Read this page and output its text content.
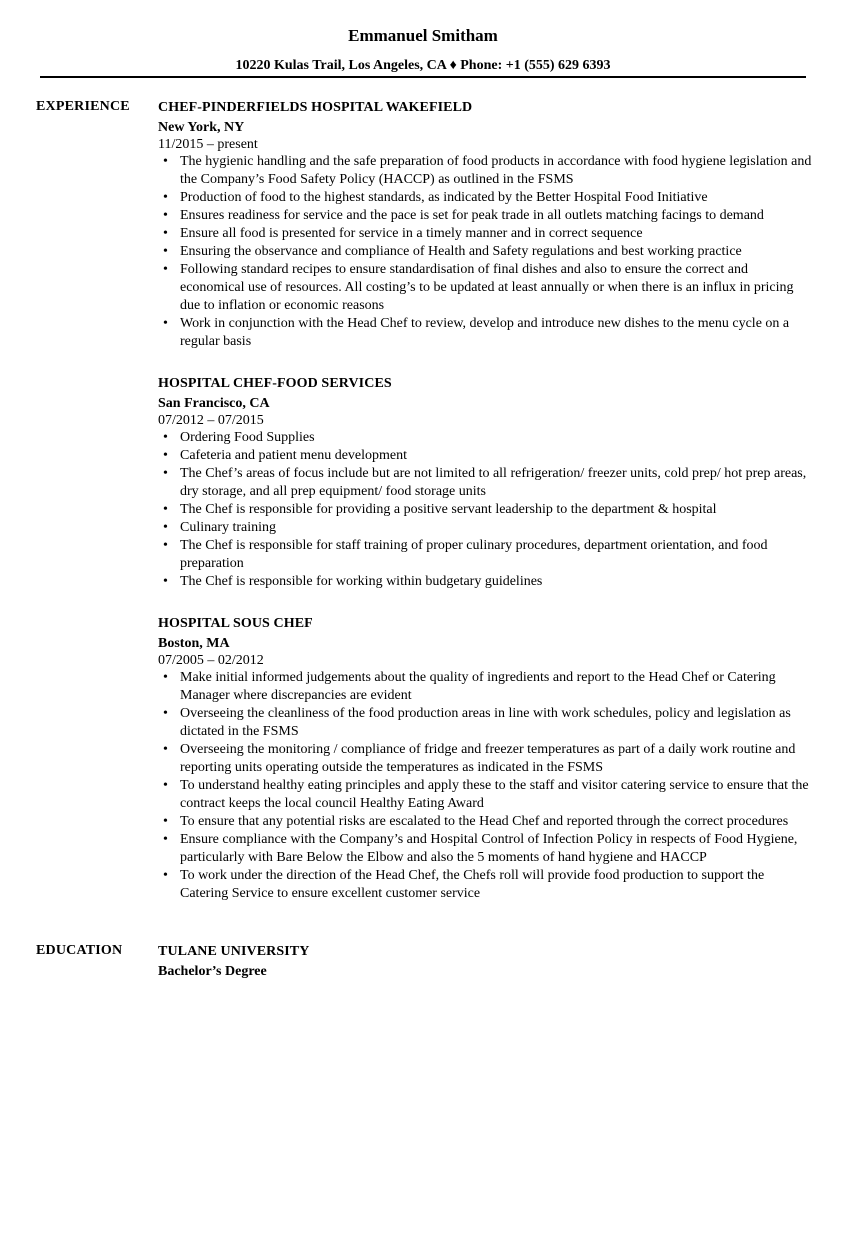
Emmanuel Smitham
10220 Kulas Trail, Los Angeles, CA ♦ Phone: +1 (555) 629 6393
EXPERIENCE CHEF-PINDERFIELDS HOSPITAL WAKEFIELD
New York, NY
11/2015 – present
• The hygienic handling and the safe preparation of food products in accordance with food hygiene legislation and the Company’s Food Safety Policy (HACCP) as outlined in the FSMS
• Production of food to the highest standards, as indicated by the Better Hospital Food Initiative
• Ensures readiness for service and the pace is set for peak trade in all outlets matching facings to demand
• Ensure all food is presented for service in a timely manner and in correct sequence
• Ensuring the observance and compliance of Health and Safety regulations and best working practice
• Following standard recipes to ensure standardisation of final dishes and also to ensure the correct and economical use of resources. All costing’s to be updated at least annually or when there is an influx in pricing due to inflation or economic reasons
• Work in conjunction with the Head Chef to review, develop and introduce new dishes to the menu cycle on a regular basis
HOSPITAL CHEF-FOOD SERVICES
San Francisco, CA
07/2012 – 07/2015
• Ordering Food Supplies
• Cafeteria and patient menu development
• The Chef’s areas of focus include but are not limited to all refrigeration/ freezer units, cold prep/ hot prep areas, dry storage, and all prep equipment/ food storage units
• The Chef is responsible for providing a positive servant leadership to the department & hospital
• Culinary training
• The Chef is responsible for staff training of proper culinary procedures, department orientation, and food preparation
• The Chef is responsible for working within budgetary guidelines
HOSPITAL SOUS CHEF
Boston, MA
07/2005 – 02/2012
• Make initial informed judgements about the quality of ingredients and report to the Head Chef or Catering Manager where discrepancies are evident
• Overseeing the cleanliness of the food production areas in line with work schedules, policy and legislation as dictated in the FSMS
• Overseeing the monitoring / compliance of fridge and freezer temperatures as part of a daily work routine and reporting units operating outside the temperatures as indicated in the FSMS
• To understand healthy eating principles and apply these to the staff and visitor catering service to ensure that the contract keeps the local council Healthy Eating Award
• To ensure that any potential risks are escalated to the Head Chef and reported through the correct procedures
• Ensure compliance with the Company’s and Hospital Control of Infection Policy in respects of Food Hygiene, particularly with Bare Below the Elbow and also the 5 moments of hand hygiene and HACCP
• To work under the direction of the Head Chef, the Chefs roll will provide food production to support the Catering Service to ensure excellent customer service
EDUCATION	TULANE UNIVERSITY
Bachelor’s Degree
